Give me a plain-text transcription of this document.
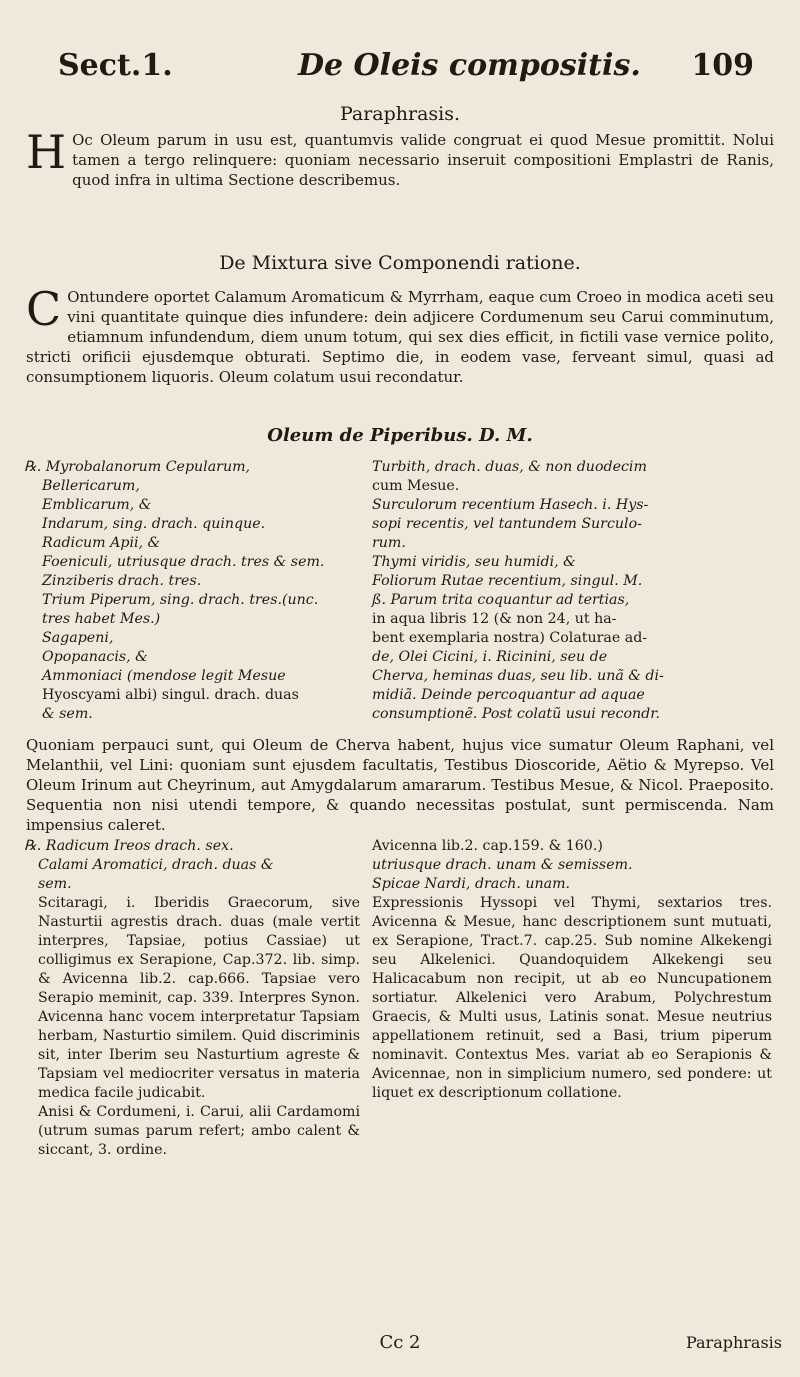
Sect.1.	De Oleis compositis. 109
Paraphrasis.
H Oc Oleum parum in usu est, quantumvis valide congruat ei quod Mesue promittit. Nolui tamen a tergo relinquere: quoniam necessario inseruit compositioni Emplastri de Ranis, quod infra in ultima Sectione describemus.
De Mixtura sive Componendi ratione.
C Ontundere oportet Calamum Aromaticum & Myrrham, eaque cum Croeo in modica aceti seu vini quantitate quinque dies infundere: dein adjicere Cordumenum seu Carui comminutum, etiamnum infundendum, diem unum totum, qui sex dies efficit, in fictili vase vernice polito, stricti orificii ejusdemque obturati. Septimo die, in eodem vase, ferveant simul, quasi ad consumptionem liquoris. Oleum colatum usui recondatur.
Oleum de Piperibus. D. M.

℞. Myrobalanorum Cepularum,

Bellericarum,

Emblicarum, &

Indarum, sing. drach. quinque.

Radicum Apii, &

Foeniculi, utriusque drach. tres & sem.

Zinziberis drach. tres.

Trium Piperum, sing. drach. tres.(unc.

tres habet Mes.)

Sagapeni,

Opopanacis, &

Ammoniaci (mendose legit Mesue

Hyoscyami albi) singul. drach. duas

& sem.

Turbith, drach. duas, & non duodecim

cum Mesue.

Surculorum recentium Hasech. i. Hys-

sopi recentis, vel tantundem Surculo-

rum.

Thymi viridis, seu humidi, &

Foliorum Rutae recentium, singul. M.

ß. Parum trita coquantur ad tertias,

in aqua libris 12 (& non 24, ut ha-

bent exemplaria nostra) Colaturae ad-

de, Olei Cicini, i. Ricinini, seu de

Cherva, heminas duas, seu lib. unã & di-

midiã. Deinde percoquantur ad aquae

consumptionẽ. Post colatũ usui recondr.

Quoniam perpauci sunt, qui Oleum de Cherva habent, hujus vice sumatur Oleum Raphani, vel Melanthii, vel Lini: quoniam sunt ejusdem facultatis, Testibus Dioscoride, Aëtio & Myrepso. Vel Oleum Irinum aut Cheyrinum, aut Amygdalarum amararum. Testibus Mesue, & Nicol. Praeposito. Sequentia non nisi utendi tempore, & quando necessitas postulat, sunt permiscenda. Nam impensius caleret.

℞. Radicum Ireos drach. sex.

Calami Aromatici, drach. duas &

sem.

Scitaragi, i. Iberidis Graecorum, sive Nasturtii agrestis drach. duas (male vertit interpres, Tapsiae, potius Cassiae) ut colligimus ex Serapione, Cap.372. lib. simp. & Avicenna lib.2. cap.666. Tapsiae vero Serapio meminit, cap. 339. Interpres Synon. Avicenna hanc vocem interpretatur Tapsiam herbam, Nasturtio similem. Quid discriminis sit, inter Iberim seu Nasturtium agreste & Tapsiam vel mediocriter versatus in materia medica facile judicabit.

Anisi & Cordumeni, i. Carui, alii Cardamomi (utrum sumas parum refert; ambo calent & siccant, 3. ordine.

Avicenna lib.2. cap.159. & 160.)

utriusque drach. unam & semissem.

Spicae Nardi, drach. unam.

Expressionis Hyssopi vel Thymi, sextarios tres. Avicenna & Mesue, hanc descriptionem sunt mutuati, ex Serapione, Tract.7. cap.25. Sub nomine Alkekengi seu Alkelenici. Quandoquidem Alkekengi seu Halicacabum non recipit, ut ab eo Nuncupationem sortiatur. Alkelenici vero Arabum, Polychrestum Graecis, & Multi usus, Latinis sonat. Mesue neutrius appellationem retinuit, sed a Basi, trium piperum nominavit. Contextus Mes. variat ab eo Serapionis & Avicennae, non in simplicium numero, sed pondere: ut liquet ex descriptionum collatione.

Cc 2	Paraphrasis
